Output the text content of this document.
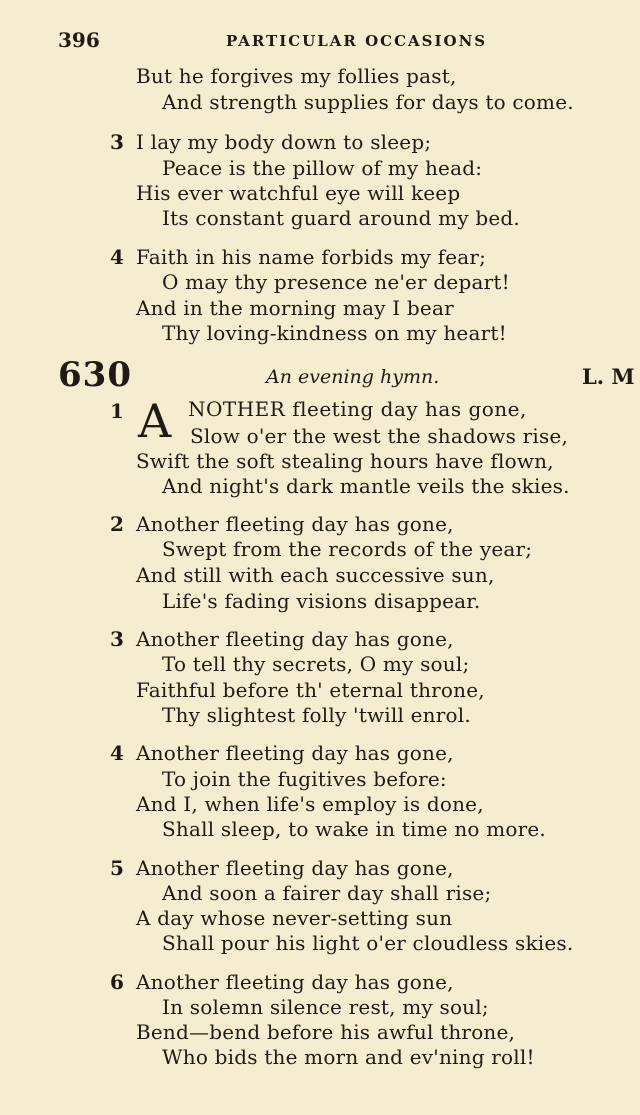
396	PARTICULAR OCCASIONS
But he forgives my follies past,
And strength supplies for days to come.
3 I lay my body down to sleep;
Peace is the pillow of my head:
His ever watchful eye will keep
Its constant guard around my bed.
4 Faith in his name forbids my fear;
O may thy presence ne'er depart!
And in the morning may I bear
Thy loving-kindness on my heart!
630	An evening hymn.	L. M
1 A NOTHER fleeting day has gone,
Slow o'er the west the shadows rise,
Swift the soft stealing hours have flown,
And night's dark mantle veils the skies.
2 Another fleeting day has gone,
Swept from the records of the year;
And still with each successive sun,
Life's fading visions disappear.
3 Another fleeting day has gone,
To tell thy secrets, O my soul;
Faithful before th' eternal throne,
Thy slightest folly 'twill enrol.
4 Another fleeting day has gone,
To join the fugitives before:
And I, when life's employ is done,
Shall sleep, to wake in time no more.
5 Another fleeting day has gone,
And soon a fairer day shall rise;
A day whose never-setting sun
Shall pour his light o'er cloudless skies.
6 Another fleeting day has gone,
In solemn silence rest, my soul;
Bend—bend before his awful throne,
Who bids the morn and ev'ning roll!
